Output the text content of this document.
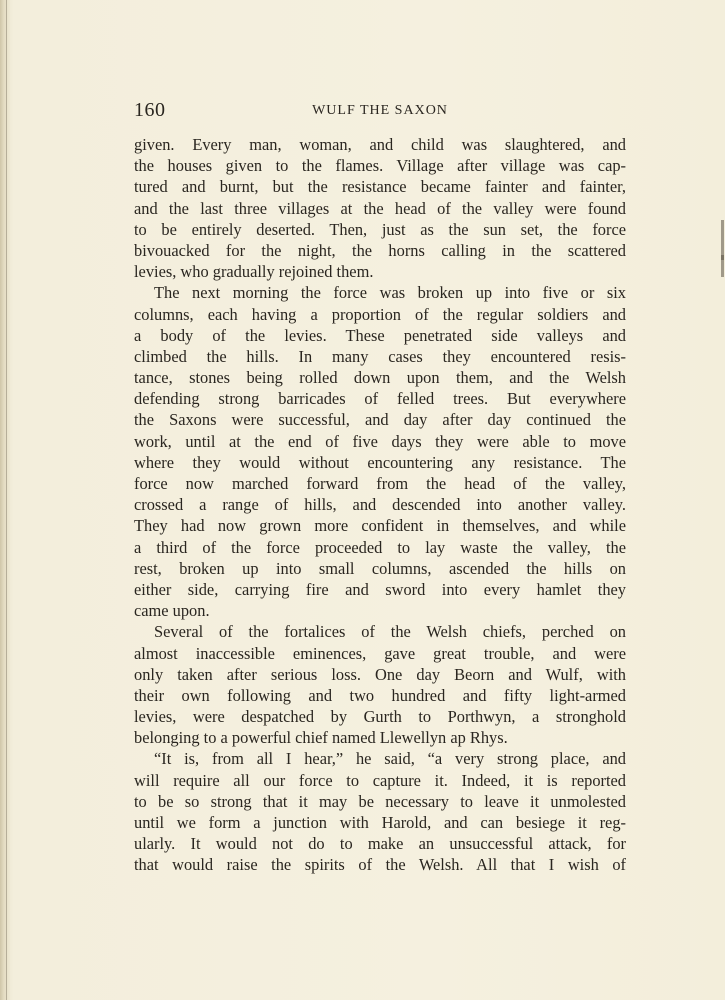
160	WULF THE SAXON
given. Every man, woman, and child was slaughtered, and
the houses given to the flames. Village after village was cap-
tured and burnt, but the resistance became fainter and fainter,
and the last three villages at the head of the valley were found
to be entirely deserted. Then, just as the sun set, the force
bivouacked for the night, the horns calling in the scattered
levies, who gradually rejoined them.
The next morning the force was broken up into five or six
columns, each having a proportion of the regular soldiers and
a body of the levies. These penetrated side valleys and
climbed the hills. In many cases they encountered resis-
tance, stones being rolled down upon them, and the Welsh
defending strong barricades of felled trees. But everywhere
the Saxons were successful, and day after day continued the
work, until at the end of five days they were able to move
where they would without encountering any resistance. The
force now marched forward from the head of the valley,
crossed a range of hills, and descended into another valley.
They had now grown more confident in themselves, and while
a third of the force proceeded to lay waste the valley, the
rest, broken up into small columns, ascended the hills on
either side, carrying fire and sword into every hamlet they
came upon.
Several of the fortalices of the Welsh chiefs, perched on
almost inaccessible eminences, gave great trouble, and were
only taken after serious loss. One day Beorn and Wulf, with
their own following and two hundred and fifty light-armed
levies, were despatched by Gurth to Porthwyn, a stronghold
belonging to a powerful chief named Llewellyn ap Rhys.
“It is, from all I hear,” he said, “a very strong place, and
will require all our force to capture it. Indeed, it is reported
to be so strong that it may be necessary to leave it unmolested
until we form a junction with Harold, and can besiege it reg-
ularly. It would not do to make an unsuccessful attack, for
that would raise the spirits of the Welsh. All that I wish of
